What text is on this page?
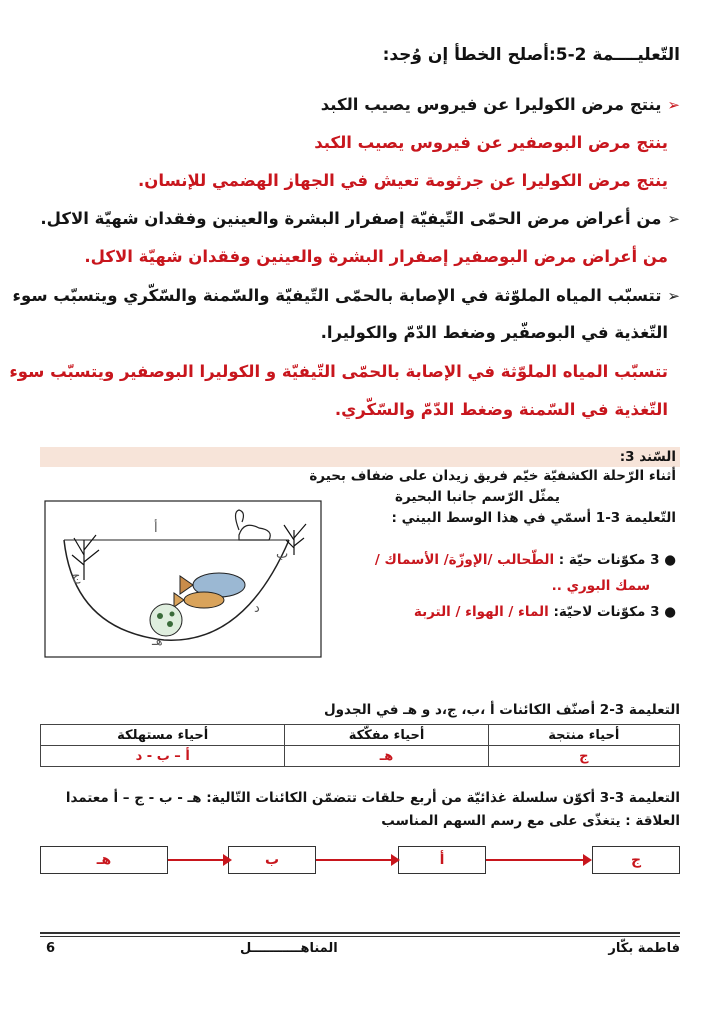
التّعليــــمة 2-5:أصلح الخطأ إن وُجد:
➢ينتج مرض الكوليرا عن فيروس يصيب الكبد
ينتج مرض البوصفير عن فيروس يصيب الكبد
ينتج مرض الكوليرا عن جرثومة تعيش في الجهاز الهضمي للإنسان.
➢من أعراض مرض الحمّى التّيفيّة إصفرار البشرة والعينين وفقدان شهيّة الاكل.
من أعراض مرض البوصفير إصفرار البشرة والعينين وفقدان شهيّة الاكل.
➢تتسبّب المياه الملوّثة في الإصابة بالحمّى التّيفيّة والسّمنة والسّكّري ويتسبّب سوء
التّغذية في البوصفّير وضغط الدّمّ والكوليرا.
تتسبّب المياه الملوّثة في الإصابة بالحمّى التّيفيّة و الكوليرا البوصفير ويتسبّب سوء
التّغذية في السّمنة وضغط الدّمّ والسّكّري.
السّند 3:
أثناء الرّحلة الكشفيّة خيّم فريق زيدان على ضفاف بحيرة
يمثّل الرّسم جانبا البحيرة
التّعليمة 3-1 أسمّي في هذا الوسط البيني :
● 3 مكوّنات حيّة : الطّحالب /الإوزّة/ الأسماك /
سمك البوري ..
● 3 مكوّنات لاحيّة: الماء / الهواء / التربة
أ
ب
ج
د
هـ
التعليمة 3-2 أصنّف الكائنات أ ،ب، ج،د و هـ في الجدول
أحياء منتجة	أحياء مفكّكة	أحياء مستهلكة
ج	هـ	أ – ب - د
التعليمة 3-3 أكوّن سلسلة غذائيّة من أربع حلقات تتضمّن الكائنات التّالية: هـ - ب - ج – أ معتمدا
العلاقة : يتغذّى على مع رسم السهم المناسب
ج
أ
ب
هـ
فاطمة بكّار
المناهـــــــــــل
6
